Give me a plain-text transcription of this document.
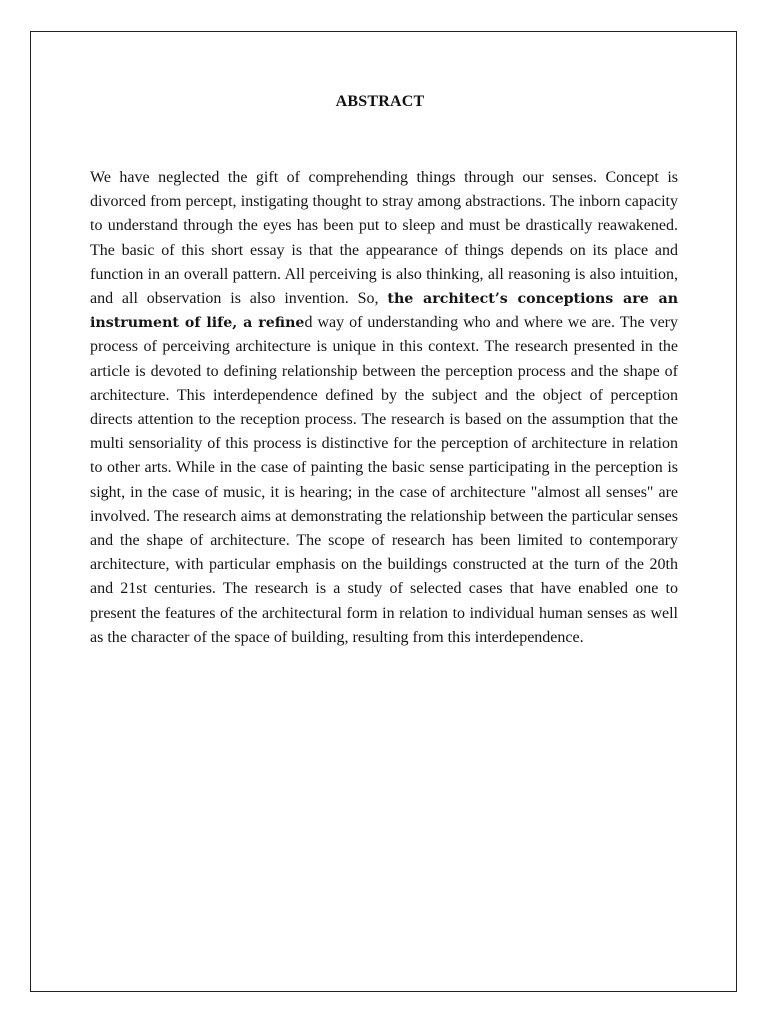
ABSTRACT

We have neglected the gift of comprehending things through our senses. Concept is divorced from percept, instigating thought to stray among abstractions. The inborn capacity to understand through the eyes has been put to sleep and must be drastically reawakened. The basic of this short essay is that the appearance of things depends on its place and function in an overall pattern. All perceiving is also thinking, all reasoning is also intuition, and all observation is also invention. So, the architect’s conceptions are an instrument of life, a refined way of understanding who and where we are. The very process of perceiving architecture is unique in this context. The research presented in the article is devoted to defining relationship between the perception process and the shape of architecture. This interdependence defined by the subject and the object of perception directs attention to the reception process. The research is based on the assumption that the multi sensoriality of this process is distinctive for the perception of architecture in relation to other arts. While in the case of painting the basic sense participating in the perception is sight, in the case of music, it is hearing; in the case of architecture "almost all senses" are involved. The research aims at demonstrating the relationship between the particular senses and the shape of architecture. The scope of research has been limited to contemporary architecture, with particular emphasis on the buildings constructed at the turn of the 20th and 21st centuries. The research is a study of selected cases that have enabled one to present the features of the architectural form in relation to individual human senses as well as the character of the space of building, resulting from this interdependence.
